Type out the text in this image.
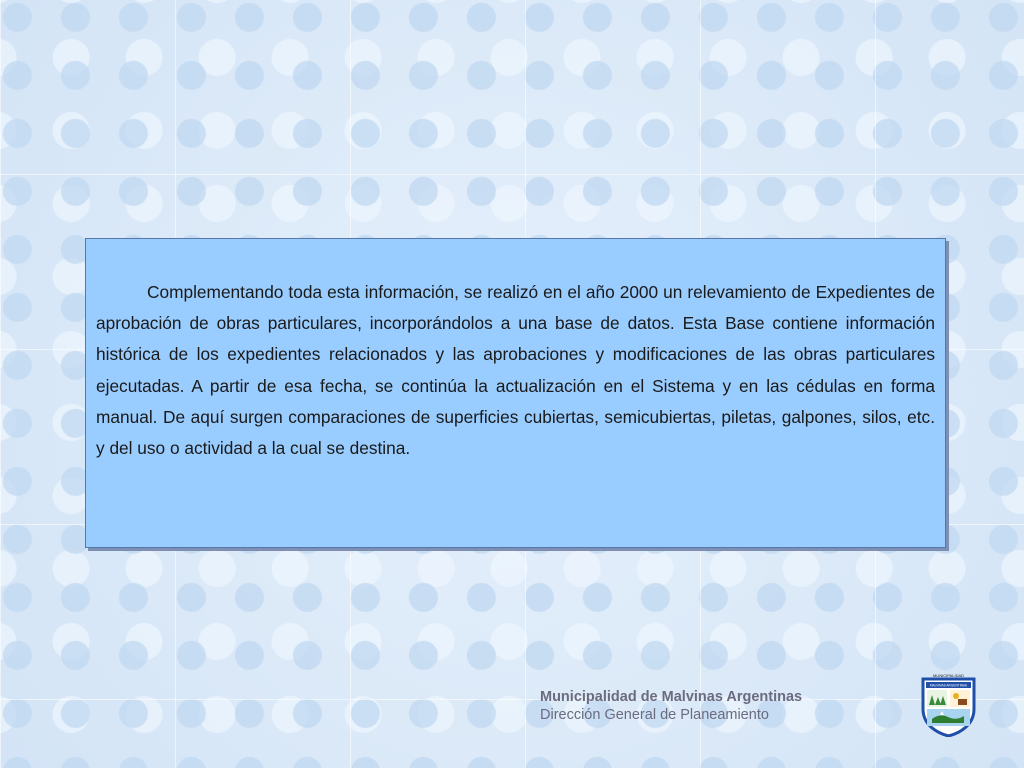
Complementando toda esta información, se realizó en el año 2000 un relevamiento de Expedientes de aprobación de obras particulares, incorporándolos a una base de datos. Esta Base contiene información histórica de los expedientes relacionados y las aprobaciones y modificaciones de las obras particulares ejecutadas. A partir de esa fecha, se continúa la actualización en el Sistema y en las cédulas en forma manual. De aquí surgen comparaciones de superficies cubiertas, semicubiertas, piletas, galpones, silos, etc. y del uso o actividad a la cual se destina.

Municipalidad de Malvinas Argentinas
Dirección General de Planeamiento
MUNICIPALIDAD
MALVINAS ARGENTINAS
